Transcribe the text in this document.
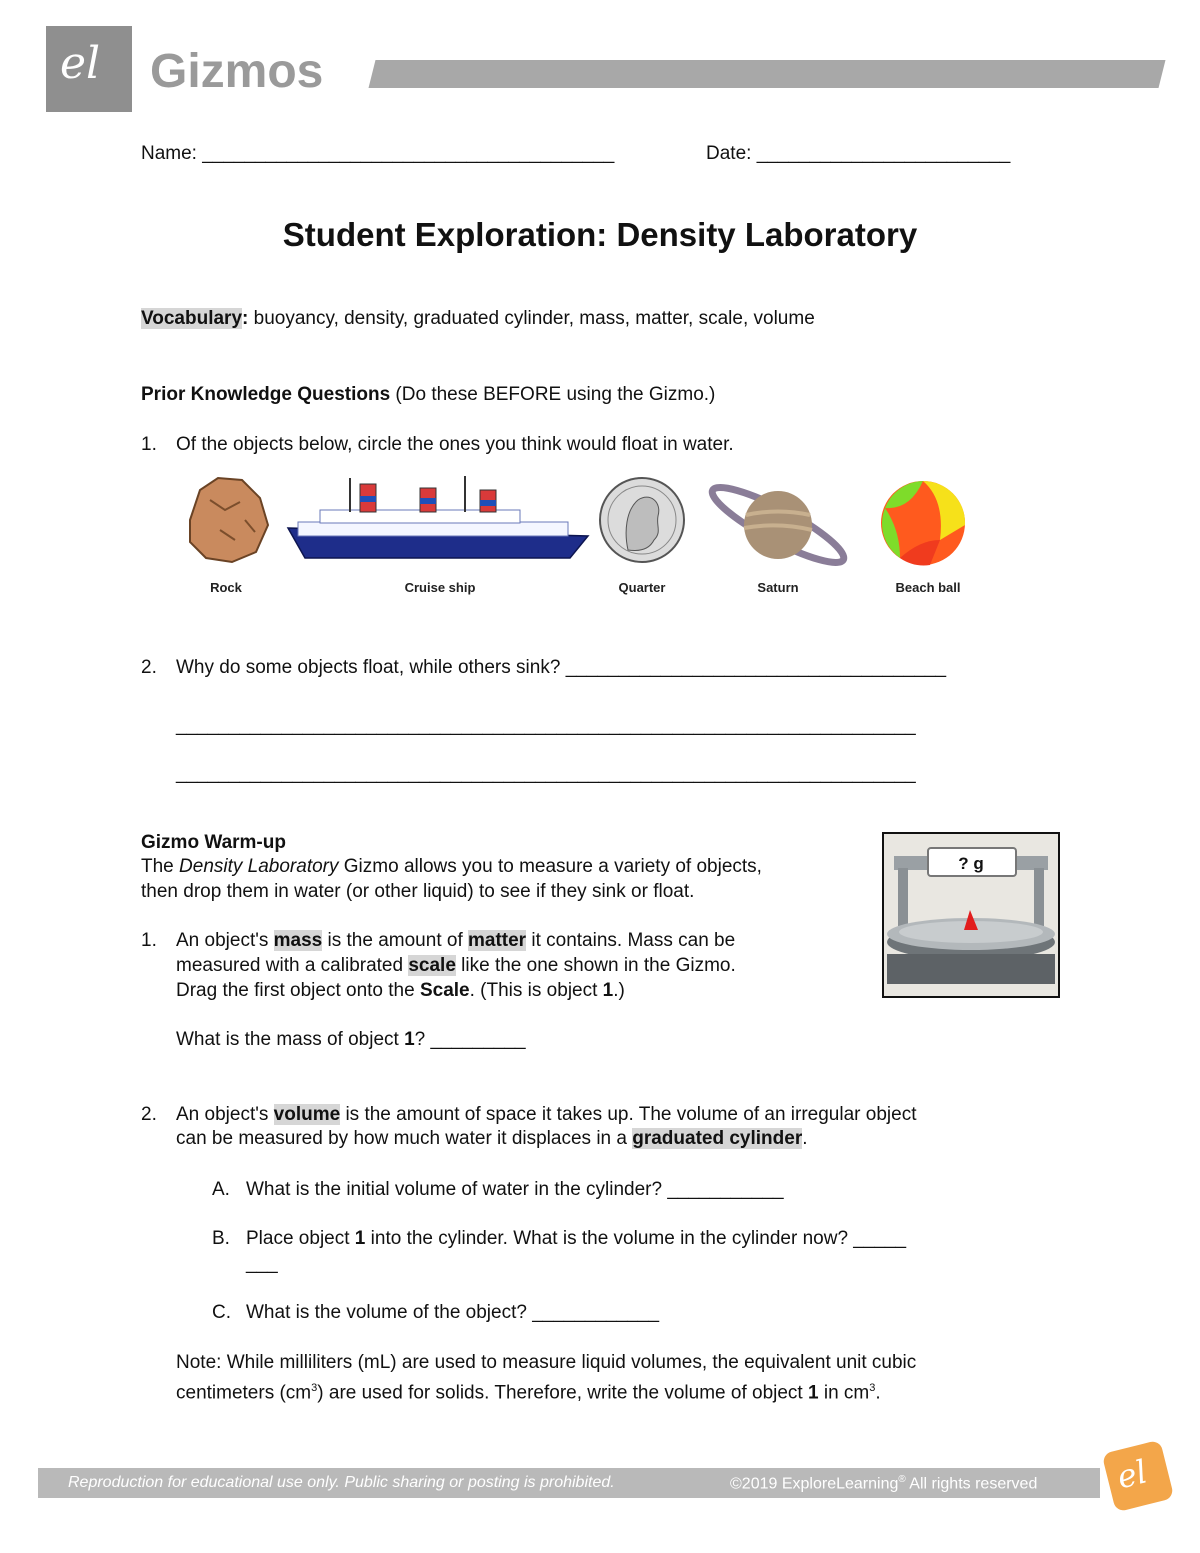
el Gizmos
Name: _______________________________________	Date: ________________________
Student Exploration: Density Laboratory
Vocabulary: buoyancy, density, graduated cylinder, mass, matter, scale, volume
Prior Knowledge Questions (Do these BEFORE using the Gizmo.)
1. Of the objects below, circle the ones you think would float in water.
Rock	Cruise ship	Quarter	Saturn	Beach ball
2. Why do some objects float, while others sink? ____________________________________
______________________________________________________________________
______________________________________________________________________
Gizmo Warm-up
The Density Laboratory Gizmo allows you to measure a variety of objects,
then drop them in water (or other liquid) to see if they sink or float.
? g
1. An object's mass is the amount of matter it contains. Mass can be
measured with a calibrated scale like the one shown in the Gizmo.
Drag the first object onto the Scale. (This is object 1.)
What is the mass of object 1? _________
2. An object's volume is the amount of space it takes up. The volume of an irregular object
can be measured by how much water it displaces in a graduated cylinder.
A. What is the initial volume of water in the cylinder? ___________
B. Place object 1 into the cylinder. What is the volume in the cylinder now? _____
___
C. What is the volume of the object? ____________
Note: While milliliters (mL) are used to measure liquid volumes, the equivalent unit cubic
centimeters $(cm^3)$ are used for solids. Therefore, write the volume of object 1 in $cm^3$.
Reproduction for educational use only. Public sharing or posting is prohibited.	©2019 ExploreLearning® All rights reserved el
